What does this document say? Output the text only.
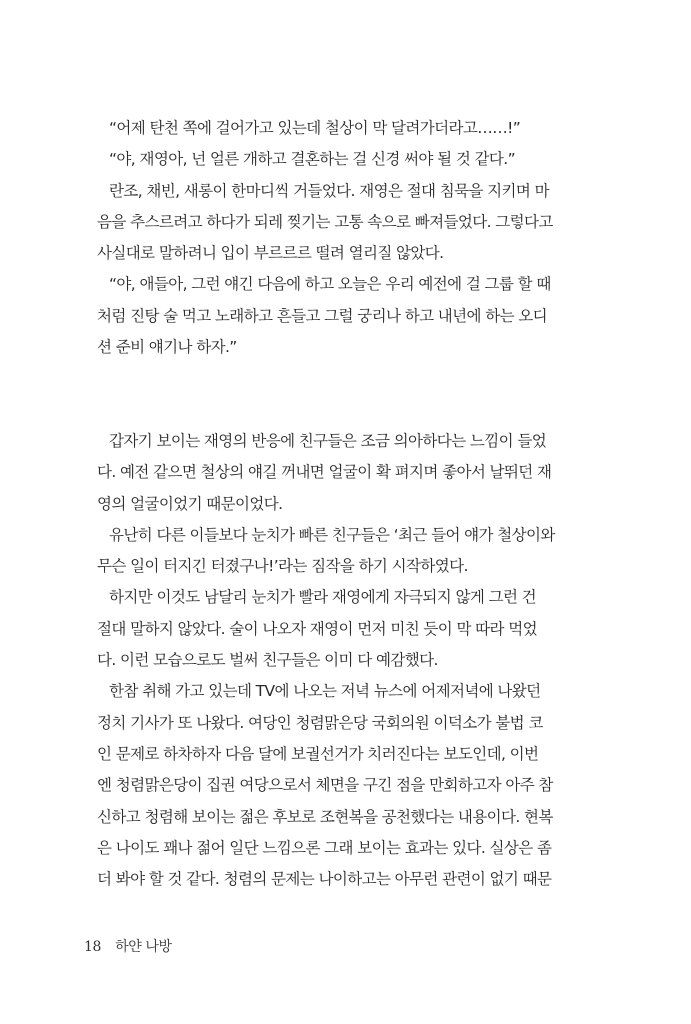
“어제 탄천 쪽에 걸어가고 있는데 철상이 막 달려가더라고……!”
“야, 재영아, 넌 얼른 개하고 결혼하는 걸 신경 써야 될 것 같다.”
란조, 채빈, 새롱이 한마디씩 거들었다. 재영은 절대 침묵을 지키며 마
음을 추스르려고 하다가 되레 찢기는 고통 속으로 빠져들었다. 그렇다고
사실대로 말하려니 입이 부르르르 떨려 열리질 않았다.
“야, 애들아, 그런 얘긴 다음에 하고 오늘은 우리 예전에 걸 그룹 할 때
처럼 진탕 술 먹고 노래하고 흔들고 그럴 궁리나 하고 내년에 하는 오디
션 준비 얘기나 하자.”
갑자기 보이는 재영의 반응에 친구들은 조금 의아하다는 느낌이 들었
다. 예전 같으면 철상의 얘길 꺼내면 얼굴이 확 펴지며 좋아서 날뛰던 재
영의 얼굴이었기 때문이었다.
유난히 다른 이들보다 눈치가 빠른 친구들은 ‘최근 들어 얘가 철상이와
무슨 일이 터지긴 터졌구나!’라는 짐작을 하기 시작하였다.
하지만 이것도 남달리 눈치가 빨라 재영에게 자극되지 않게 그런 건
절대 말하지 않았다. 술이 나오자 재영이 먼저 미친 듯이 막 따라 먹었
다. 이런 모습으로도 벌써 친구들은 이미 다 예감했다.
한참 취해 가고 있는데 TV에 나오는 저녁 뉴스에 어제저녁에 나왔던
정치 기사가 또 나왔다. 여당인 청렴맑은당 국회의원 이덕소가 불법 코
인 문제로 하차하자 다음 달에 보궐선거가 치러진다는 보도인데, 이번
엔 청렴맑은당이 집권 여당으로서 체면을 구긴 점을 만회하고자 아주 참
신하고 청렴해 보이는 젊은 후보로 조현복을 공천했다는 내용이다. 현복
은 나이도 꽤나 젊어 일단 느낌으론 그래 보이는 효과는 있다. 실상은 좀
더 봐야 할 것 같다. 청렴의 문제는 나이하고는 아무런 관련이 없기 때문
18 하얀 나방
